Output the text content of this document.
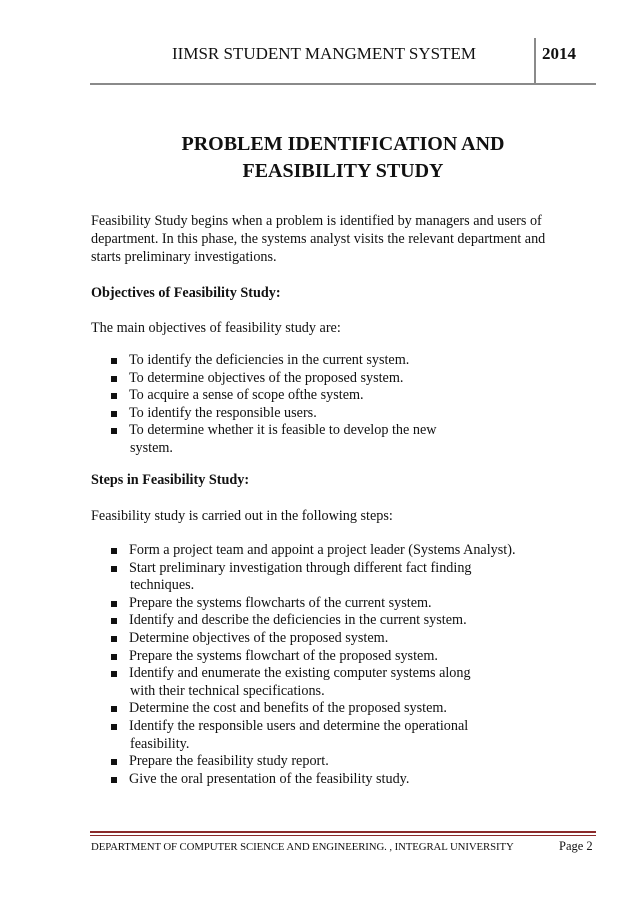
IIMSR STUDENT MANGMENT SYSTEM	2014
PROBLEM IDENTIFICATION AND
FEASIBILITY STUDY
Feasibility Study begins when a problem is identified by managers and users of
department. In this phase, the systems analyst visits the relevant department and
starts preliminary investigations.
Objectives of Feasibility Study:
The main objectives of feasibility study are:
To identify the deficiencies in the current system.
To determine objectives of the proposed system.
To acquire a sense of scope ofthe system.
To identify the responsible users.
To determine whether it is feasible to develop the new
system.
Steps in Feasibility Study:
Feasibility study is carried out in the following steps:
Form a project team and appoint a project leader (Systems Analyst).
Start preliminary investigation through different fact finding
techniques.
Prepare the systems flowcharts of the current system.
Identify and describe the deficiencies in the current system.
Determine objectives of the proposed system.
Prepare the systems flowchart of the proposed system.
Identify and enumerate the existing computer systems along
with their technical specifications.
Determine the cost and benefits of the proposed system.
Identify the responsible users and determine the operational
feasibility.
Prepare the feasibility study report.
Give the oral presentation of the feasibility study.
DEPARTMENT OF COMPUTER SCIENCE AND ENGINEERING. , INTEGRAL UNIVERSITY	Page 2
